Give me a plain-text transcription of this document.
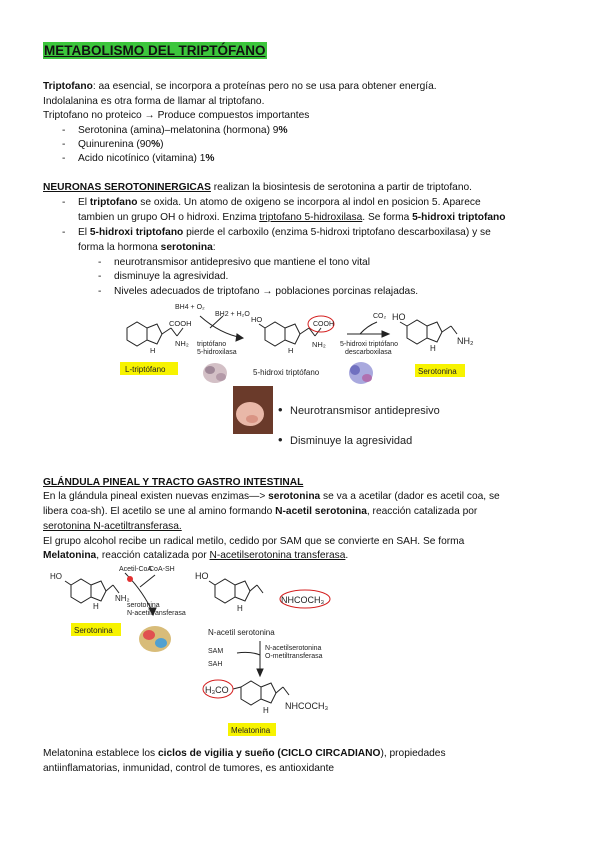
METABOLISMO DEL TRIPTÓFANO
Triptofano: aa esencial, se incorpora a proteínas pero no se usa para obtener energía.
Indolalanina es otra forma de llamar al triptofano.
Triptofano no proteico → Produce compuestos importantes
- Serotonina (amina)–melatonina (hormona) 9%
- Quinurenina (90%)
- Acido nicotínico (vitamina) 1%
NEURONAS SEROTONINERGICAS realizan la biosintesis de serotonina a partir de triptofano.
- El triptofano se oxida. Un atomo de oxigeno se incorpora al indol en posicion 5. Aparece
tambien un grupo OH o hidroxi. Enzima triptofano 5-hidroxilasa. Se forma 5-hidroxi triptofano
- El 5-hidroxi triptofano pierde el carboxilo (enzima 5-hidroxi triptofano descarboxilasa) y se
forma la hormona serotonina:
- neurotransmisor antidepresivo que mantiene el tono vital
- disminuye la agresividad.
- Niveles adecuados de triptofano → poblaciones porcinas relajadas.
COOH
NH₂
H
HO
NH₂
COOH
H
HO
NH₂
H
BH4 + O₂
BH2 + H₂O
triptófano
5-hidroxilasa
CO₂
5-hidroxi triptófano
descarboxilasa
5-hidroxi triptófano
L-triptófano	Serotonina
• Neurotransmisor antidepresivo
• Disminuye la agresividad
GLÁNDULA PINEAL Y TRACTO GASTRO INTESTINAL
En la glándula pineal existen nuevas enzimas—> serotonina se va a acetilar (dador es acetil coa, se
libera coa-sh). El acetilo se une al amino formando N-acetil serotonina, reacción catalizada por
serotonina N-acetiltransferasa.
El grupo alcohol recibe un radical metilo, cedido por SAM que se convierte en SAH. Se forma
Melatonina, reacción catalizada por N-acetilserotonina transferasa.
HO
NH₂
H
Acetil-CoA
CoA-SH
serotonina
N-acetiltransferasa
HO
NHCOCH₃
H
N-acetil serotonina
SAM
SAH
N-acetilserotonina
O-metiltransferasa
H₃CO
NHCOCH₃
H
Serotonina
Melatonina
Melatonina establece los ciclos de vigilia y sueño (CICLO CIRCADIANO), propiedades
antiinflamatorias, inmunidad, control de tumores, es antioxidante
